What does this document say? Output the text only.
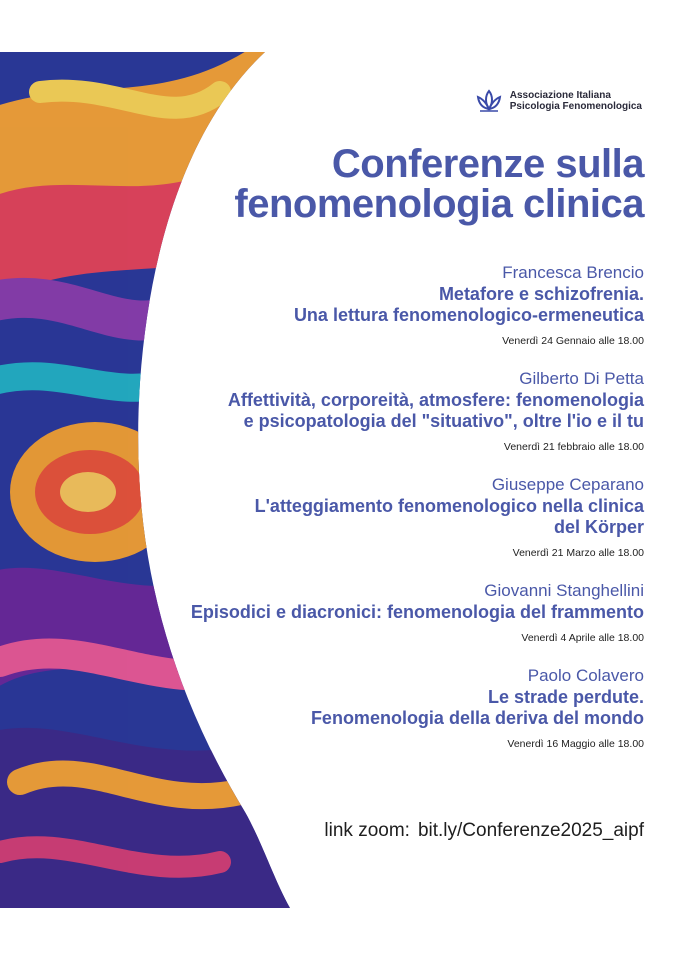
Associazione Italiana
Psicologia Fenomenologica
Conferenze sulla
fenomenologia clinica
Francesca Brencio
Metafore e schizofrenia.
Una lettura fenomenologico-ermeneutica
Venerdì 24 Gennaio alle 18.00
Gilberto Di Petta
Affettività, corporeità, atmosfere: fenomenologia
e psicopatologia del "situativo", oltre l'io e il tu
Venerdì 21 febbraio alle 18.00
Giuseppe Ceparano
L'atteggiamento fenomenologico nella clinica
del Körper
Venerdì 21 Marzo alle 18.00
Giovanni Stanghellini
Episodici e diacronici: fenomenologia del frammento
Venerdì 4 Aprile alle 18.00
Paolo Colavero
Le strade perdute.
Fenomenologia della deriva del mondo
Venerdì 16 Maggio alle 18.00
link zoom: bit.ly/Conferenze2025_aipf
